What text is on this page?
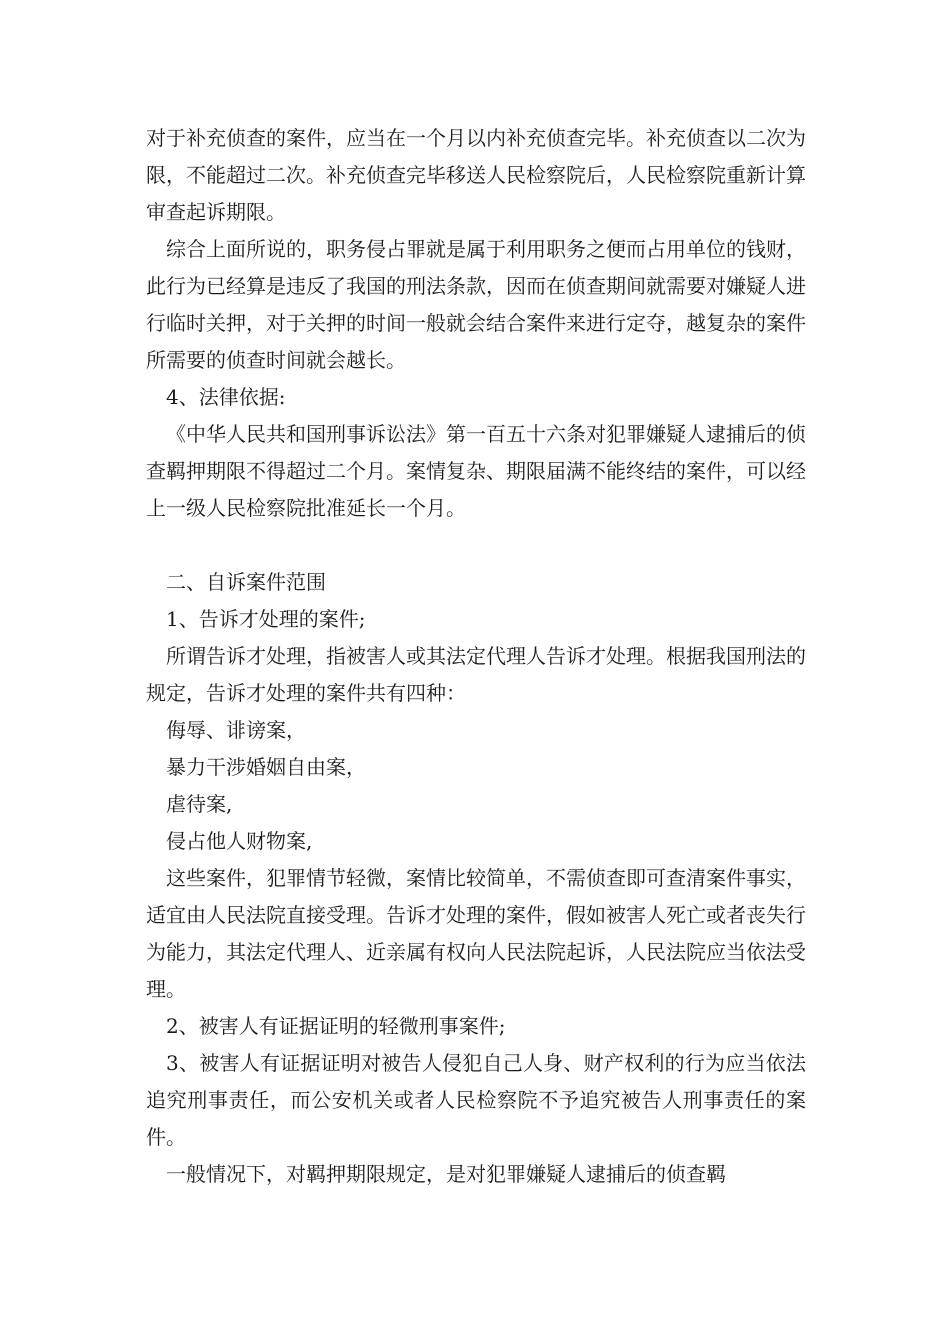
对于补充侦查的案件，应当在一个月以内补充侦查完毕。补充侦查以二次为限，不能超过二次。补充侦查完毕移送人民检察院后，人民检察院重新计算审查起诉期限。

综合上面所说的，职务侵占罪就是属于利用职务之便而占用单位的钱财，此行为已经算是违反了我国的刑法条款，因而在侦查期间就需要对嫌疑人进行临时关押，对于关押的时间一般就会结合案件来进行定夺，越复杂的案件所需要的侦查时间就会越长。

4、法律依据:

《中华人民共和国刑事诉讼法》第一百五十六条对犯罪嫌疑人逮捕后的侦查羁押期限不得超过二个月。案情复杂、期限届满不能终结的案件，可以经上一级人民检察院批准延长一个月。

二、自诉案件范围

1、告诉才处理的案件;

所谓告诉才处理，指被害人或其法定代理人告诉才处理。根据我国刑法的规定，告诉才处理的案件共有四种：

侮辱、诽谤案，

暴力干涉婚姻自由案，

虐待案,

侵占他人财物案,

这些案件，犯罪情节轻微，案情比较简单，不需侦查即可查清案件事实，适宜由人民法院直接受理。告诉才处理的案件，假如被害人死亡或者丧失行为能力，其法定代理人、近亲属有权向人民法院起诉，人民法院应当依法受理。

2、被害人有证据证明的轻微刑事案件;

3、被害人有证据证明对被告人侵犯自己人身、财产权利的行为应当依法追究刑事责任，而公安机关或者人民检察院不予追究被告人刑事责任的案件。

一般情况下，对羁押期限规定，是对犯罪嫌疑人逮捕后的侦查羁
